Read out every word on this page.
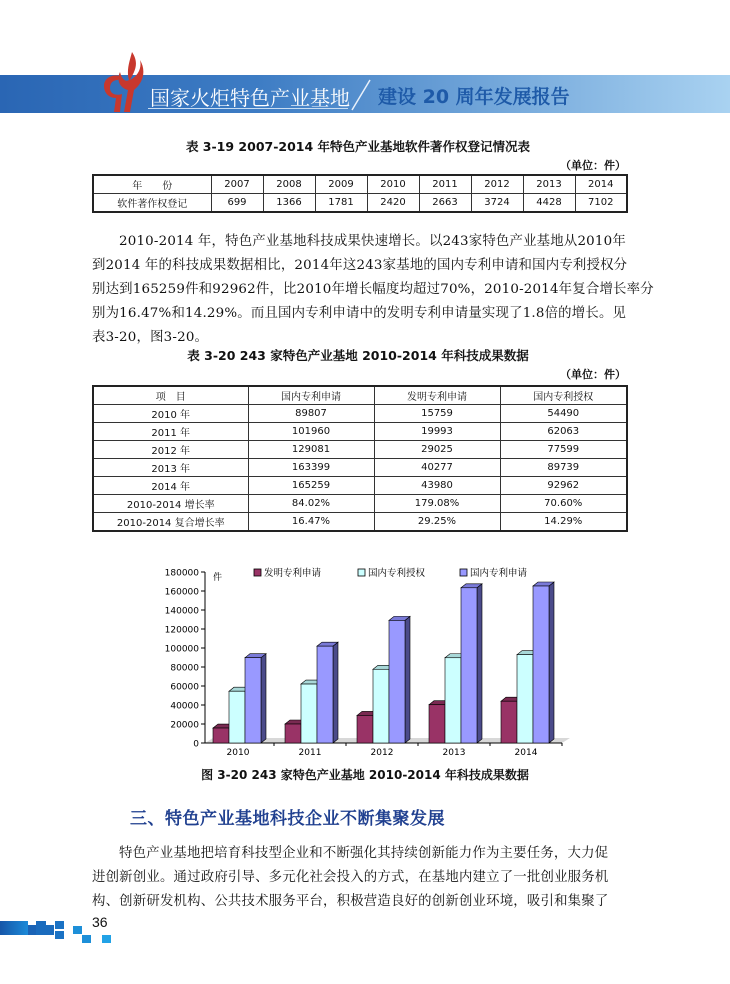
国家火炬特色产业基地 建设 20 周年发展报告
表 3-19 2007-2014 年特色产业基地软件著作权登记情况表
（单位：件）
年　　份	2007	2008	2009	2010	2011	2012	2013	2014
软件著作权登记	699	1366	1781	2420	2663	3724	4428	7102
2010-2014 年，特色产业基地科技成果快速增长。以243家特色产业基地从2010年
到2014 年的科技成果数据相比，2014年这243家基地的国内专利申请和国内专利授权分
别达到165259件和92962件，比2010年增长幅度均超过70%，2010-2014年复合增长率分
别为16.47%和14.29%。而且国内专利申请中的发明专利申请量实现了1.8倍的增长。见
表3-20，图3-20。
表 3-20 243 家特色产业基地 2010-2014 年科技成果数据
（单位：件）
项　目	国内专利申请	发明专利申请	国内专利授权
2010 年	89807	15759	54490
2011 年	101960	19993	62063
2012 年	129081	29025	77599
2013 年	163399	40277	89739
2014 年	165259	43980	92962
2010-2014 增长率	84.02%	179.08%	70.60%
2010-2014 复合增长率	16.47%	29.25%	14.29%
0
20000
40000
60000
80000
100000
120000
140000
160000
180000 件	发明专利申请	国内专利授权	国内专利申请
2010	2011	2012	2013	2014
图 3-20 243 家特色产业基地 2010-2014 年科技成果数据
三、特色产业基地科技企业不断集聚发展
特色产业基地把培育科技型企业和不断强化其持续创新能力作为主要任务，大力促
进创新创业。通过政府引导、多元化社会投入的方式，在基地内建立了一批创业服务机
构、创新研发机构、公共技术服务平台，积极营造良好的创新创业环境，吸引和集聚了
36
